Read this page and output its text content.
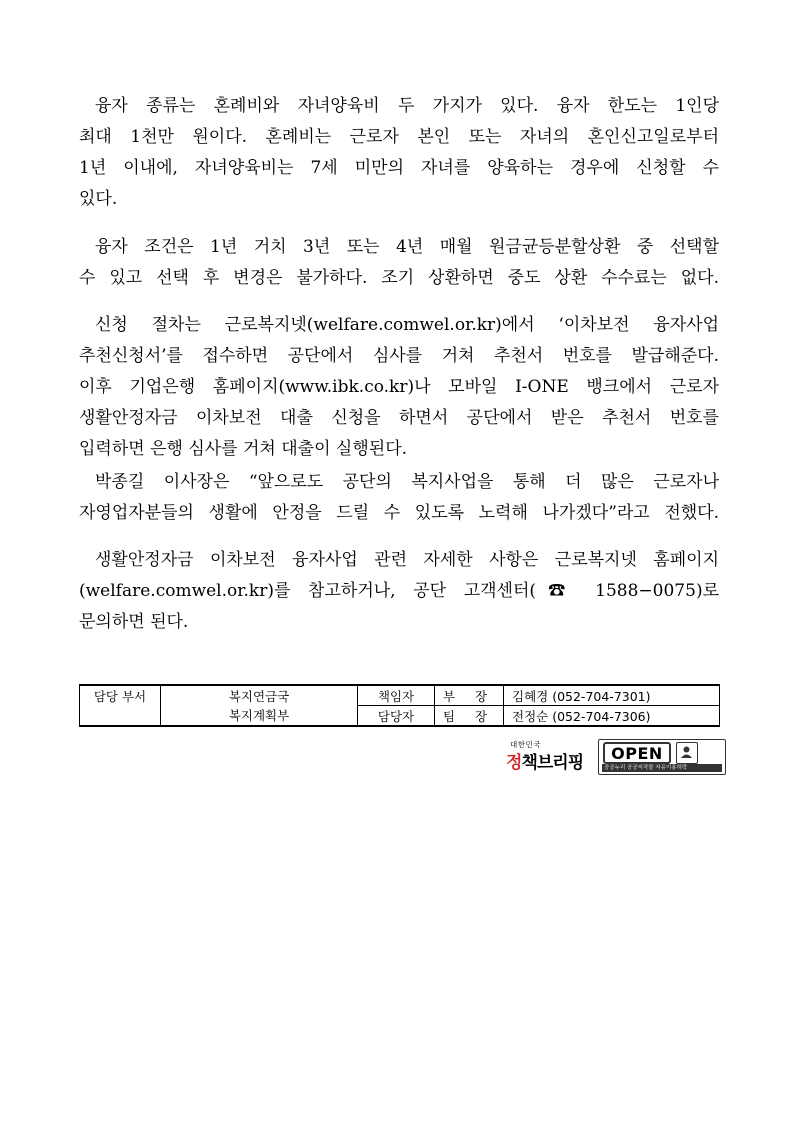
융자 종류는 혼례비와 자녀양육비 두 가지가 있다. 융자 한도는 1인당
최대 1천만 원이다. 혼례비는 근로자 본인 또는 자녀의 혼인신고일로부터
1년 이내에, 자녀양육비는 7세 미만의 자녀를 양육하는 경우에 신청할 수
있다.
융자 조건은 1년 거치 3년 또는 4년 매월 원금균등분할상환 중 선택할
수 있고 선택 후 변경은 불가하다. 조기 상환하면 중도 상환 수수료는 없다.
신청 절차는 근로복지넷(welfare.comwel.or.kr)에서 ‘이차보전 융자사업
추천신청서’를 접수하면 공단에서 심사를 거쳐 추천서 번호를 발급해준다.
이후 기업은행 홈페이지(www.ibk.co.kr)나 모바일 I-ONE 뱅크에서 근로자
생활안정자금 이차보전 대출 신청을 하면서 공단에서 받은 추천서 번호를
입력하면 은행 심사를 거쳐 대출이 실행된다.
박종길 이사장은 “앞으로도 공단의 복지사업을 통해 더 많은 근로자나
자영업자분들의 생활에 안정을 드릴 수 있도록 노력해 나가겠다”라고 전했다.
생활안정자금 이차보전 융자사업 관련 자세한 사항은 근로복지넷 홈페이지
(welfare.comwel.or.kr)를 참고하거나, 공단 고객센터(☎ 1588−0075)로
문의하면 된다.
담당 부서	복지연금국	책임자	부 장	김혜경 (052-704-7301)
	복지계획부	담당자	팀 장	전정순 (052-704-7306)
대한민국
정책브리핑	OPEN
공공누리 공공저작물 자유이용허락
